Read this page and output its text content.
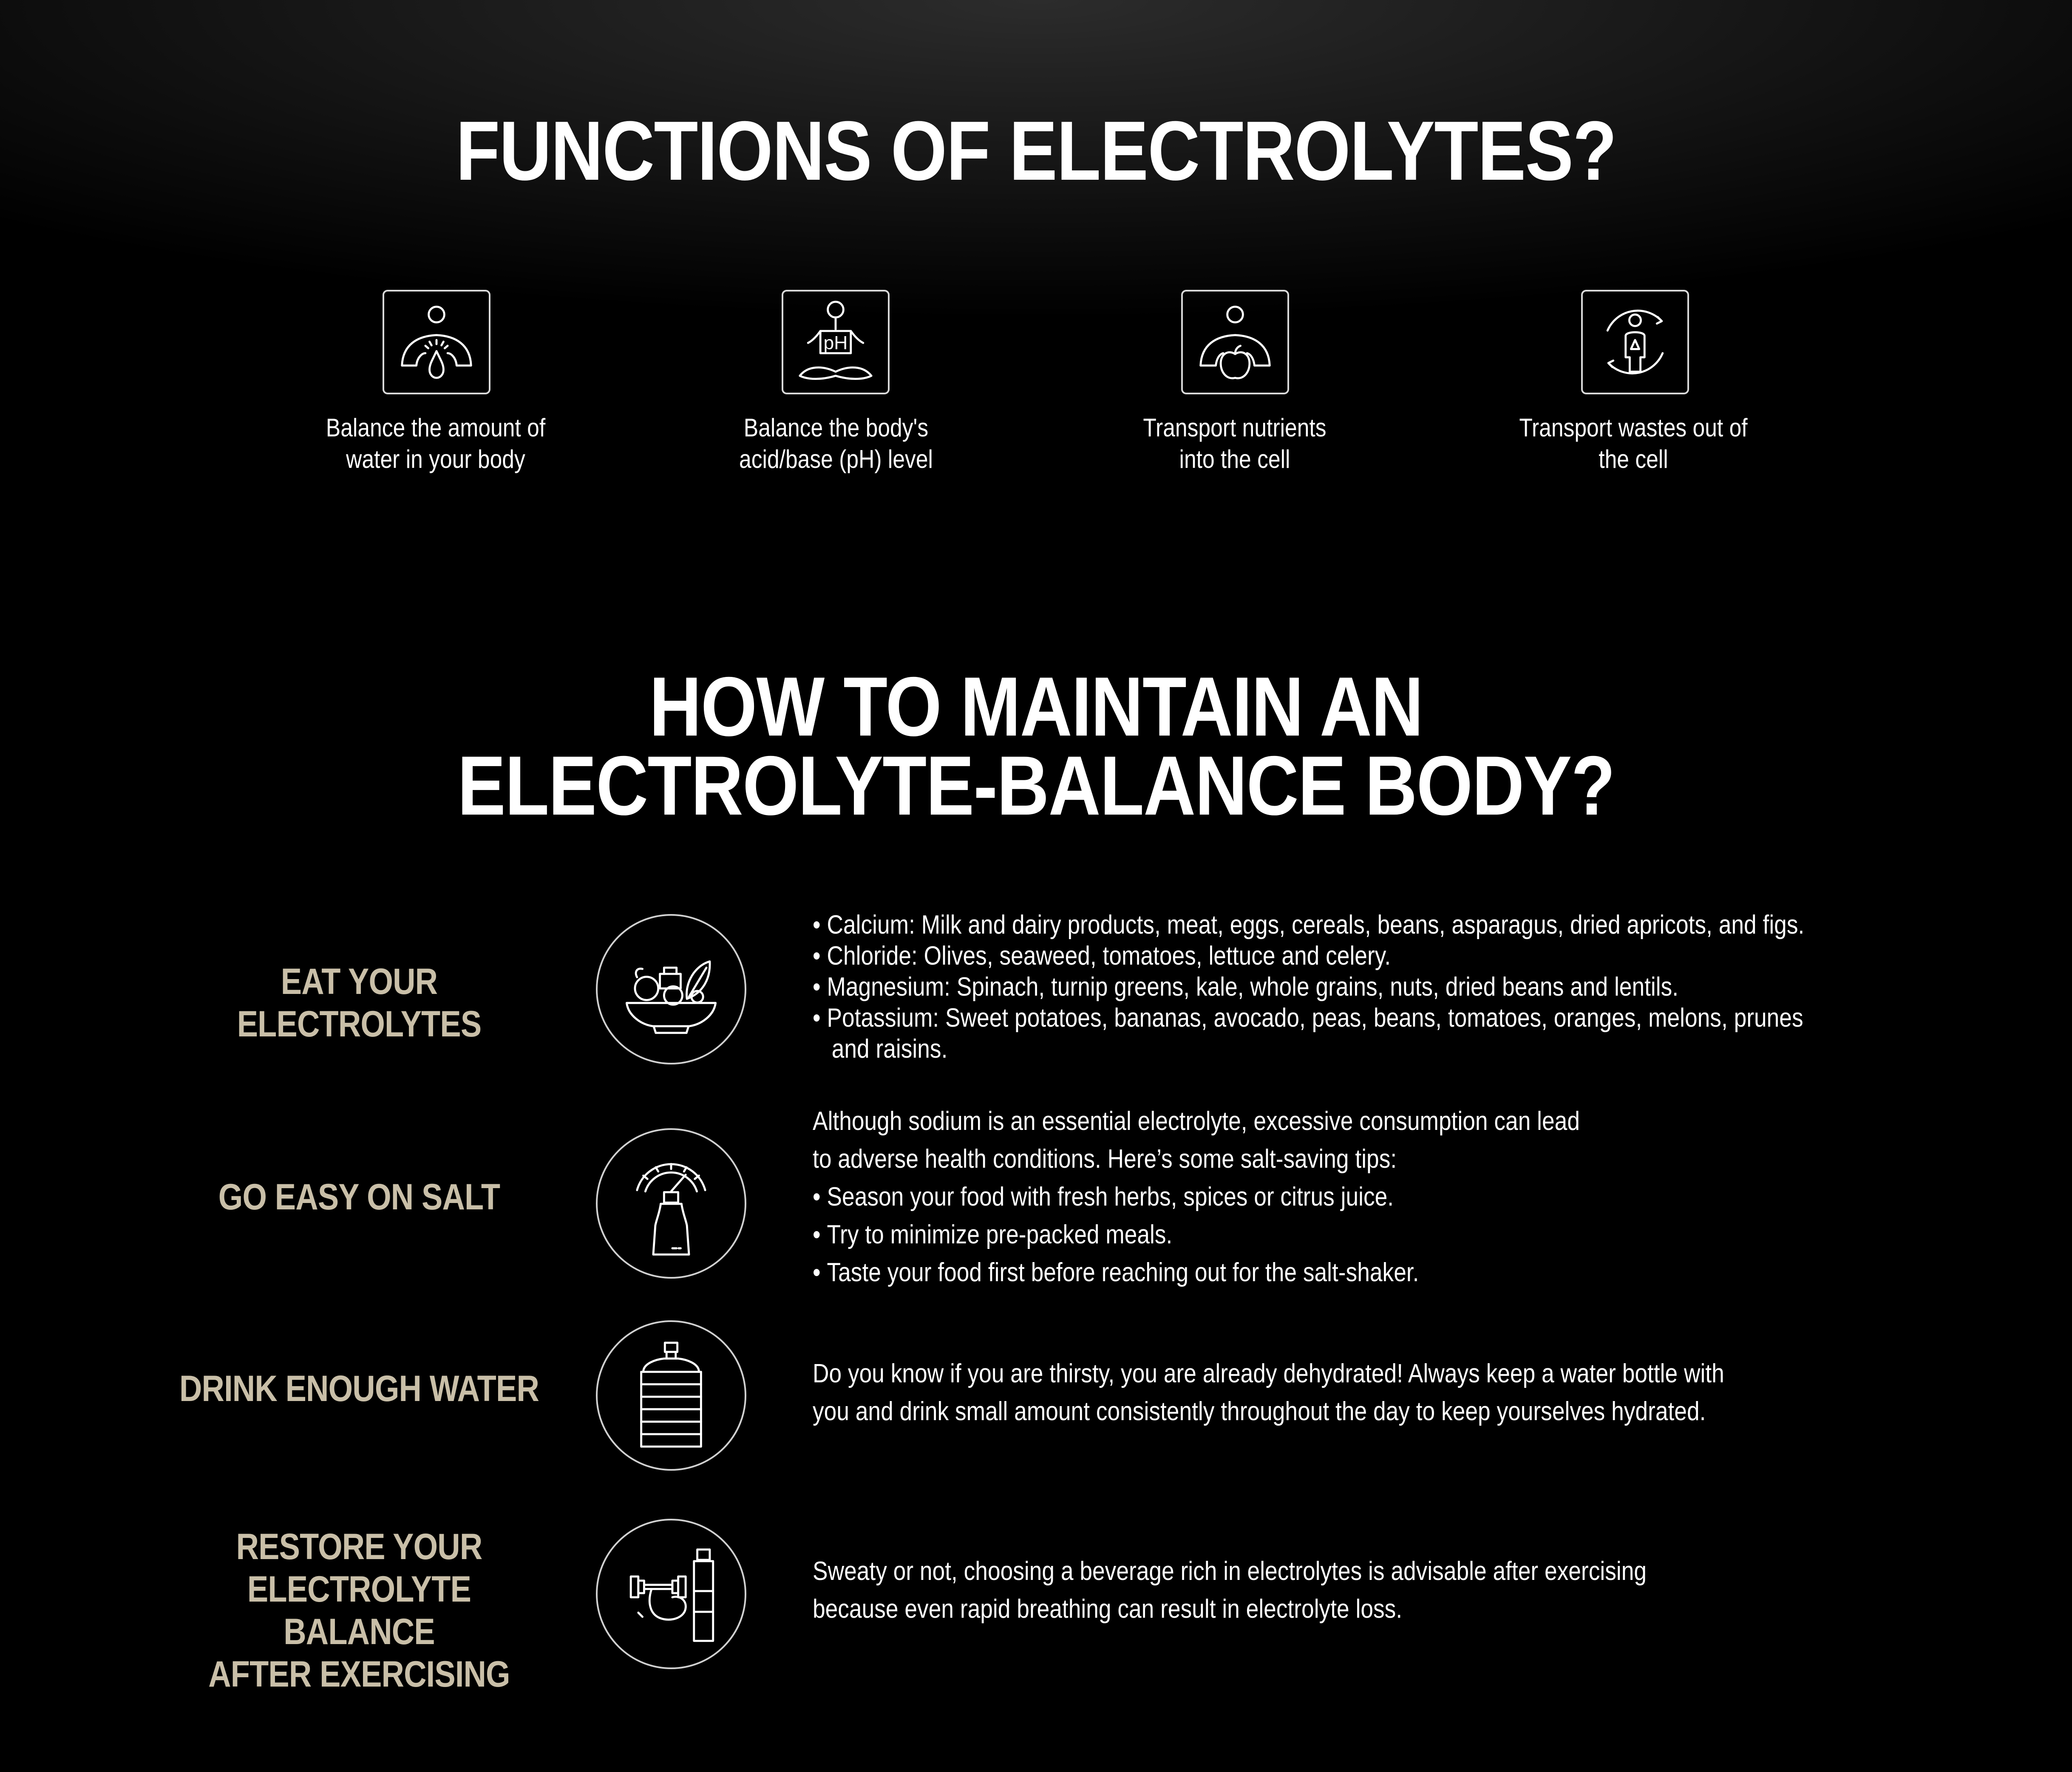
FUNCTIONS OF ELECTROLYTES?
Balance the amount of
water in your body
pH
Balance the body's
acid/base (pH) level
Transport nutrients
into the cell
Transport wastes out of
the cell
HOW TO MAINTAIN AN
ELECTROLYTE-BALANCE BODY?
EAT YOUR ELECTROLYTES

• Calcium: Milk and dairy products, meat, eggs, cereals, beans, asparagus, dried apricots, and figs.

• Chloride: Olives, seaweed, tomatoes, lettuce and celery.

• Magnesium: Spinach, turnip greens, kale, whole grains, nuts, dried beans and lentils.

• Potassium: Sweet potatoes, bananas, avocado, peas, beans, tomatoes, oranges, melons, prunes

and raisins.

GO EASY ON SALT

Although sodium is an essential electrolyte, excessive consumption can lead

to adverse health conditions. Here’s some salt-saving tips:

• Season your food with fresh herbs, spices or citrus juice.

• Try to minimize pre-packed meals.

• Taste your food first before reaching out for the salt-shaker.

DRINK ENOUGH WATER	Do you know if you are thirsty, you are already dehydrated! Always keep a water bottle with

you and drink small amount consistently throughout the day to keep yourselves hydrated.

RESTORE YOUR
ELECTROLYTE BALANCE
AFTER EXERCISING

Sweaty or not, choosing a beverage rich in electrolytes is advisable after exercising

because even rapid breathing can result in electrolyte loss.
